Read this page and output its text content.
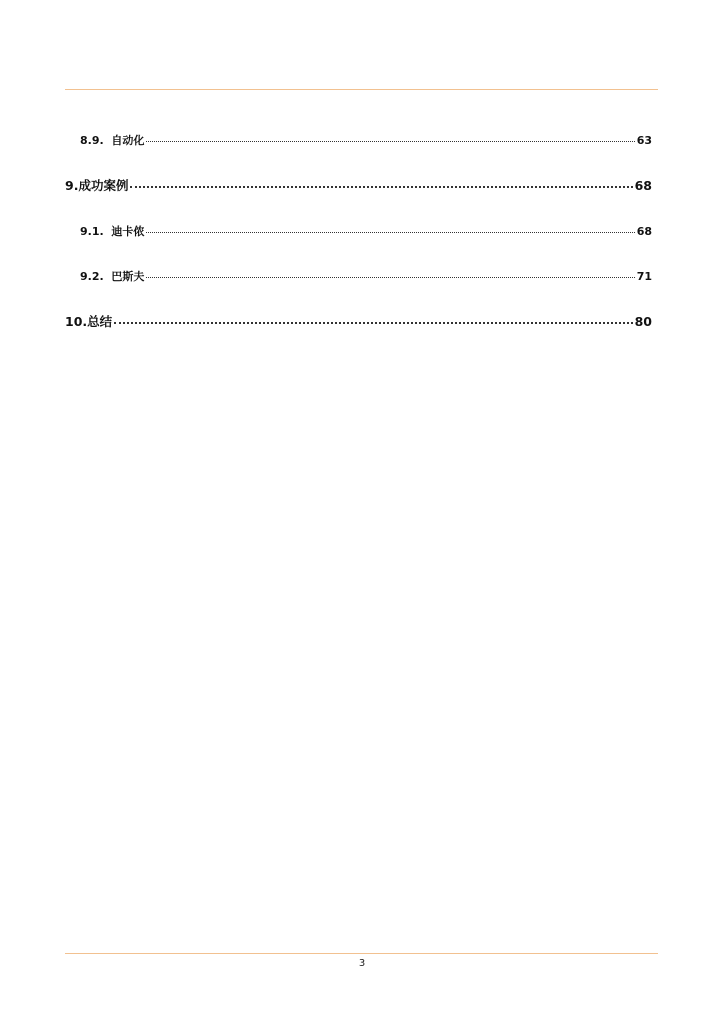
8.9. 自动化	63
9.成功案例	68
9.1. 迪卡侬	68
9.2. 巴斯夫	71
10.总结	80
3
